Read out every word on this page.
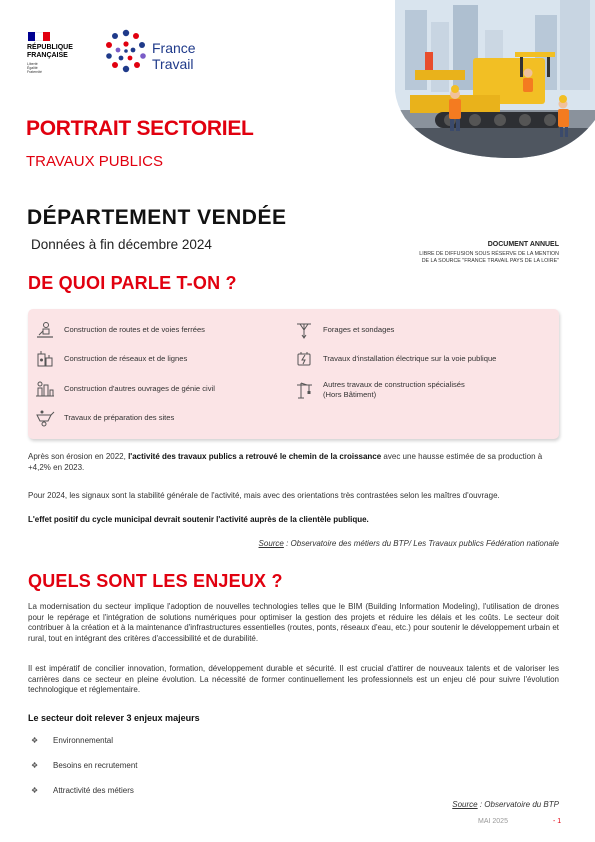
RÉPUBLIQUE
FRANÇAISE
Liberté
Égalité
Fraternité
France
Travail
PORTRAIT SECTORIEL
TRAVAUX PUBLICS
DÉPARTEMENT VENDÉE
Données à fin décembre 2024	DOCUMENT ANNUEL
LIBRE DE DIFFUSION SOUS RÉSERVE DE LA MENTION
DE LA SOURCE "FRANCE TRAVAIL PAYS DE LA LOIRE"
DE QUOI PARLE T-ON ?
Construction de routes et de voies ferrées
Construction de réseaux et de lignes
Construction d'autres ouvrages de génie civil
Travaux de préparation des sites
Forages et sondages
Travaux d'installation électrique sur la voie publique
Autres travaux de construction spécialisés
(Hors Bâtiment)
Après son érosion en 2022, l'activité des travaux publics a retrouvé le chemin de la croissance avec une hausse estimée de sa production à +4,2% en 2023.
Pour 2024, les signaux sont la stabilité générale de l'activité, mais avec des orientations très contrastées selon les maîtres d'ouvrage.
L'effet positif du cycle municipal devrait soutenir l'activité auprès de la clientèle publique.
Source : Observatoire des métiers du BTP/ Les Travaux publics Fédération nationale
QUELS SONT LES ENJEUX ?
La modernisation du secteur implique l'adoption de nouvelles technologies telles que le BIM (Building Information Modeling), l'utilisation de drones pour le repérage et l'intégration de solutions numériques pour optimiser la gestion des projets et réduire les délais et les coûts. Le secteur doit contribuer à la création et à la maintenance d'infrastructures essentielles (routes, ponts, réseaux d'eau, etc.) pour soutenir le développement urbain et rural, tout en intégrant des critères d'accessibilité et de durabilité.
Il est impératif de concilier innovation, formation, développement durable et sécurité. Il est crucial d'attirer de nouveaux talents et de valoriser les carrières dans ce secteur en pleine évolution. La nécessité de former continuellement les professionnels est un enjeu clé pour suivre l'évolution technologique et réglementaire.
Le secteur doit relever 3 enjeux majeurs
❖	Environnemental
❖	Besoins en recrutement
❖	Attractivité des métiers
Source : Observatoire du BTP
MAI 2025	- 1
